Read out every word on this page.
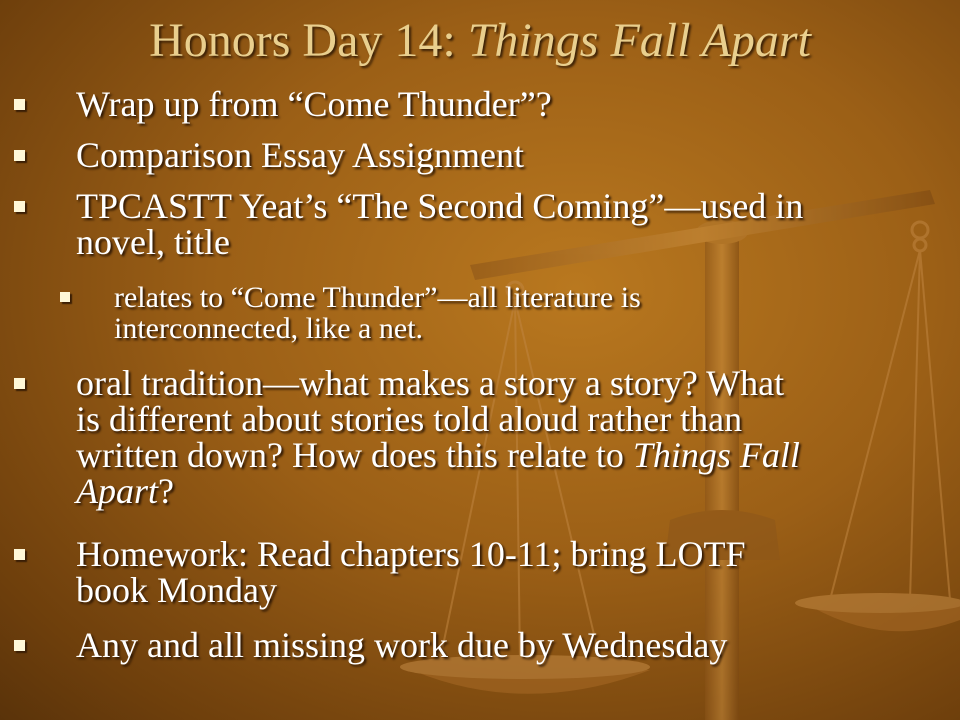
Honors Day 14: Things Fall Apart
Wrap up from “Come Thunder”?
Comparison Essay Assignment
TPCASTT Yeat’s “The Second Coming”—used in
novel, title
relates to “Come Thunder”—all literature is
interconnected, like a net.
oral tradition—what makes a story a story? What
is different about stories told aloud rather than
written down? How does this relate to Things Fall
Apart?
Homework: Read chapters 10-11; bring LOTF
book Monday
Any and all missing work due by Wednesday
